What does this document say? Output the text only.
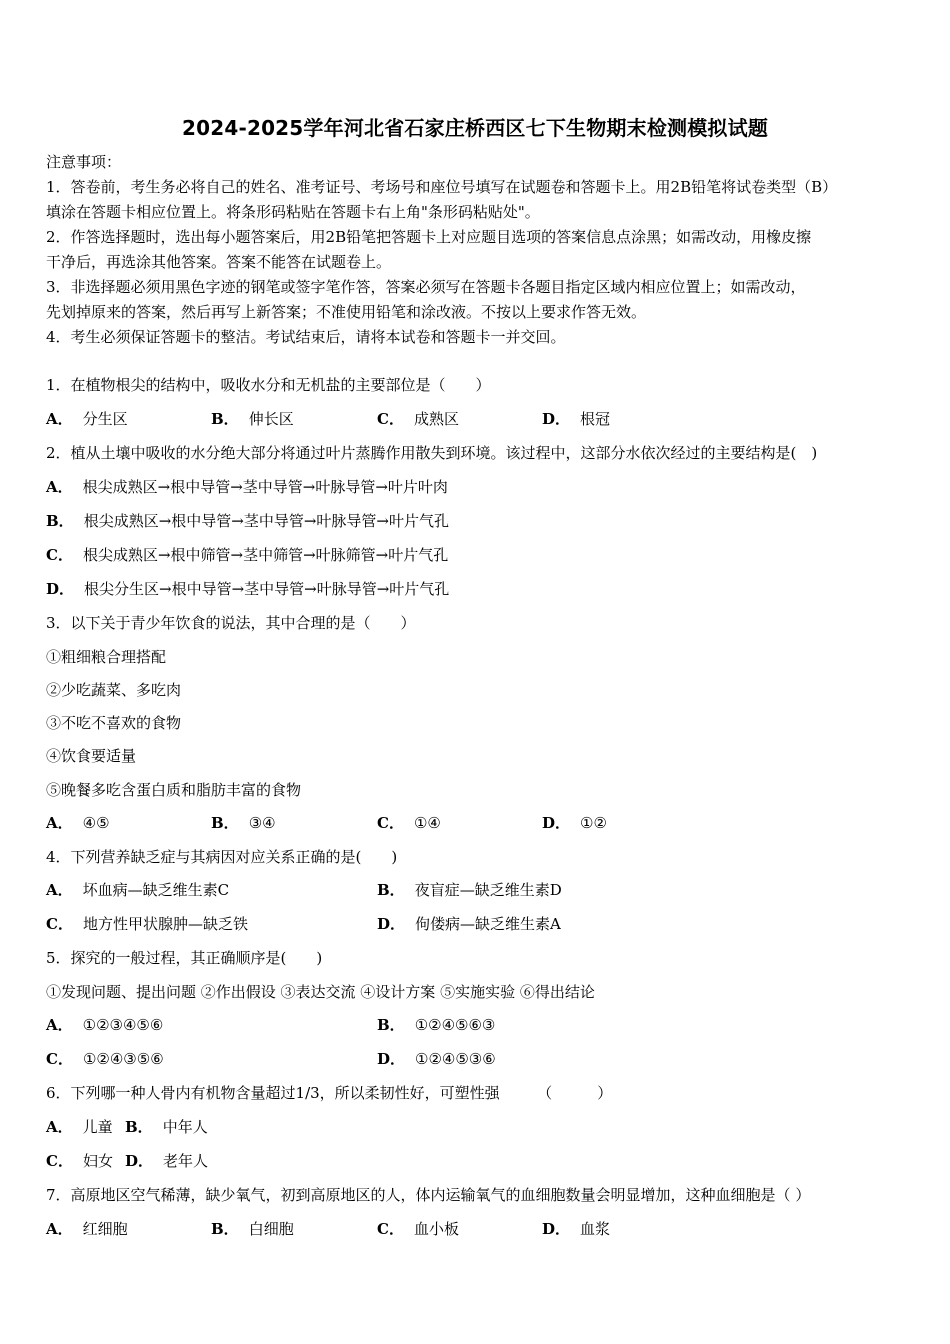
2024-2025学年河北省石家庄桥西区七下生物期末检测模拟试题
注意事项：
1．答卷前，考生务必将自己的姓名、准考证号、考场号和座位号填写在试题卷和答题卡上。用2B铅笔将试卷类型（B）
填涂在答题卡相应位置上。将条形码粘贴在答题卡右上角"条形码粘贴处"。
2．作答选择题时，选出每小题答案后，用2B铅笔把答题卡上对应题目选项的答案信息点涂黑；如需改动，用橡皮擦
干净后，再选涂其他答案。答案不能答在试题卷上。
3．非选择题必须用黑色字迹的钢笔或签字笔作答，答案必须写在答题卡各题目指定区域内相应位置上；如需改动，
先划掉原来的答案，然后再写上新答案；不准使用铅笔和涂改液。不按以上要求作答无效。
4．考生必须保证答题卡的整洁。考试结束后，请将本试卷和答题卡一并交回。
1．在植物根尖的结构中，吸收水分和无机盐的主要部位是（　　）
A． 分生区	B． 伸长区	C． 成熟区	D． 根冠
2．植从土壤中吸收的水分绝大部分将通过叶片蒸腾作用散失到环境。该过程中，这部分水依次经过的主要结构是(　)
A． 根尖成熟区→根中导管→茎中导管→叶脉导管→叶片叶肉
B． 根尖成熟区→根中导管→茎中导管→叶脉导管→叶片气孔
C． 根尖成熟区→根中筛管→茎中筛管→叶脉筛管→叶片气孔
D． 根尖分生区→根中导管→茎中导管→叶脉导管→叶片气孔
3．以下关于青少年饮食的说法，其中合理的是（　　）
①粗细粮合理搭配
②少吃蔬菜、多吃肉
③不吃不喜欢的食物
④饮食要适量
⑤晚餐多吃含蛋白质和脂肪丰富的食物
A． ④⑤	B． ③④	C． ①④	D． ①②
4．下列营养缺乏症与其病因对应关系正确的是(　　)
A． 坏血病—缺乏维生素C	B． 夜盲症—缺乏维生素D
C． 地方性甲状腺肿—缺乏铁	D． 佝偻病—缺乏维生素A
5．探究的一般过程，其正确顺序是(　　)
①发现问题、提出问题 ②作出假设 ③表达交流 ④设计方案 ⑤实施实验 ⑥得出结论
A． ①②③④⑤⑥	B． ①②④⑤⑥③
C． ①②④③⑤⑥	D． ①②④⑤③⑥
6．下列哪一种人骨内有机物含量超过1/3，所以柔韧性好，可塑性强　　　（　　　）
A． 儿童 B． 中年人
C． 妇女 D． 老年人
7．高原地区空气稀薄，缺少氧气，初到高原地区的人，体内运输氧气的血细胞数量会明显增加，这种血细胞是（ ）
A． 红细胞	B． 白细胞	C． 血小板	D． 血浆
